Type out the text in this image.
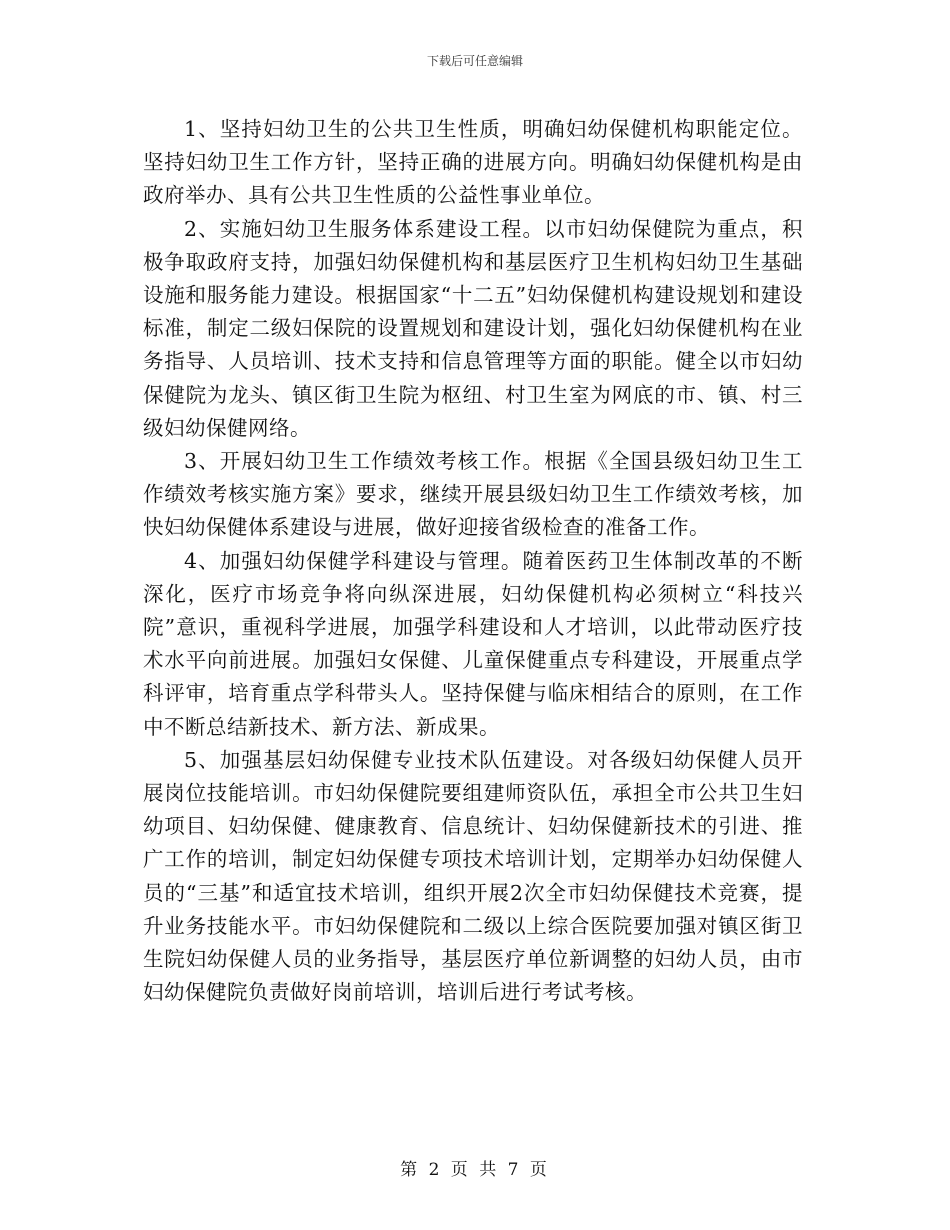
下载后可任意编辑

1、坚持妇幼卫生的公共卫生性质，明确妇幼保健机构职能定位。坚持妇幼卫生工作方针，坚持正确的进展方向。明确妇幼保健机构是由政府举办、具有公共卫生性质的公益性事业单位。

2、实施妇幼卫生服务体系建设工程。以市妇幼保健院为重点，积极争取政府支持，加强妇幼保健机构和基层医疗卫生机构妇幼卫生基础设施和服务能力建设。根据国家“十二五”妇幼保健机构建设规划和建设标准，制定二级妇保院的设置规划和建设计划，强化妇幼保健机构在业务指导、人员培训、技术支持和信息管理等方面的职能。健全以市妇幼保健院为龙头、镇区街卫生院为枢纽、村卫生室为网底的市、镇、村三级妇幼保健网络。

3、开展妇幼卫生工作绩效考核工作。根据《全国县级妇幼卫生工作绩效考核实施方案》要求，继续开展县级妇幼卫生工作绩效考核，加快妇幼保健体系建设与进展，做好迎接省级检查的准备工作。

4、加强妇幼保健学科建设与管理。随着医药卫生体制改革的不断深化，医疗市场竞争将向纵深进展，妇幼保健机构必须树立“科技兴院”意识，重视科学进展，加强学科建设和人才培训，以此带动医疗技术水平向前进展。加强妇女保健、儿童保健重点专科建设，开展重点学科评审，培育重点学科带头人。坚持保健与临床相结合的原则，在工作中不断总结新技术、新方法、新成果。

5、加强基层妇幼保健专业技术队伍建设。对各级妇幼保健人员开展岗位技能培训。市妇幼保健院要组建师资队伍，承担全市公共卫生妇幼项目、妇幼保健、健康教育、信息统计、妇幼保健新技术的引进、推广工作的培训，制定妇幼保健专项技术培训计划，定期举办妇幼保健人员的“三基”和适宜技术培训，组织开展2次全市妇幼保健技术竞赛，提升业务技能水平。市妇幼保健院和二级以上综合医院要加强对镇区街卫生院妇幼保健人员的业务指导，基层医疗单位新调整的妇幼人员，由市妇幼保健院负责做好岗前培训，培训后进行考试考核。

第 2 页 共 7 页
